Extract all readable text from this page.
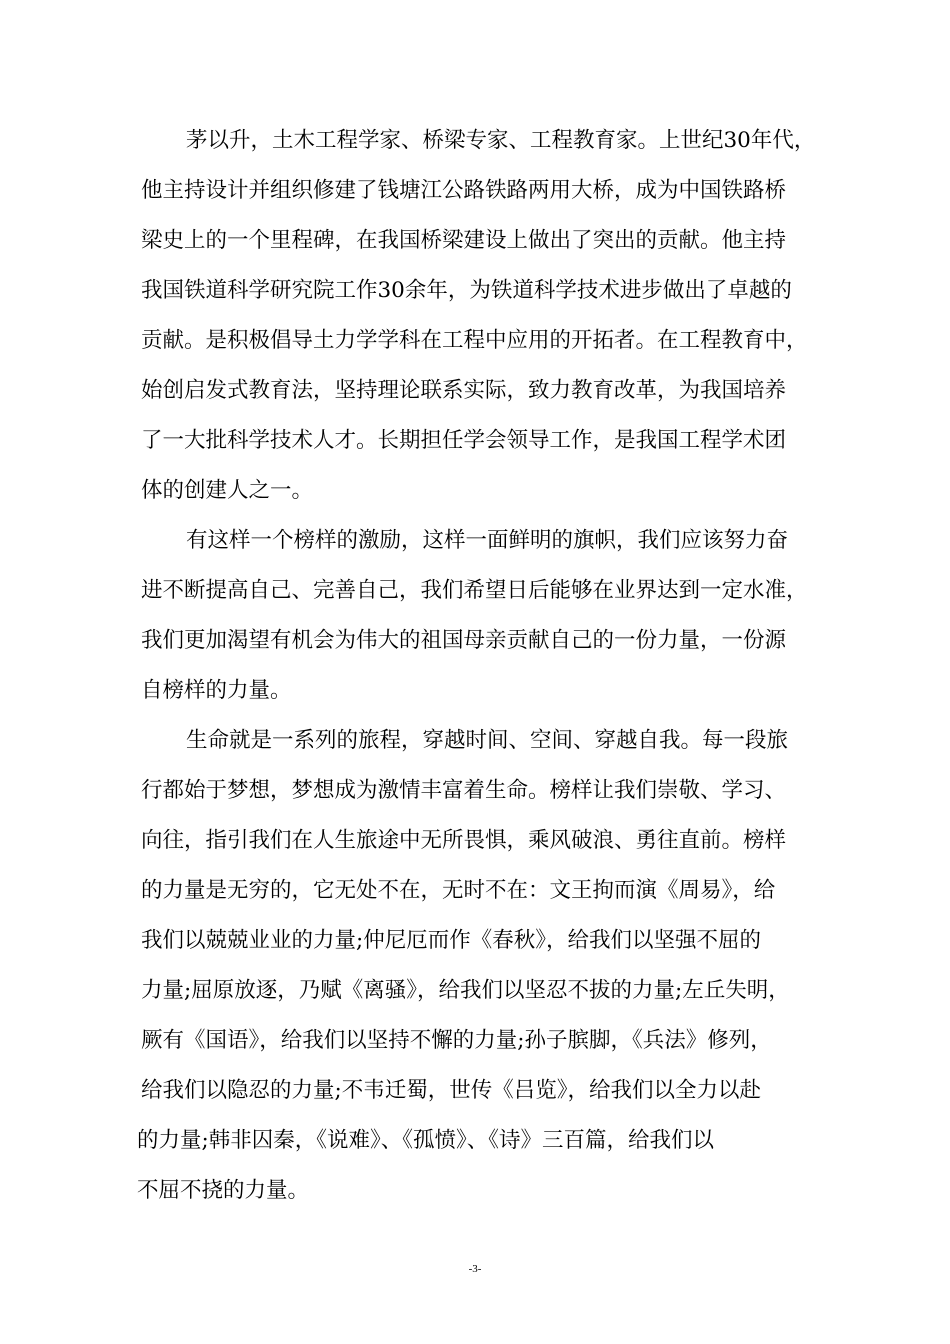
茅以升，土木工程学家、桥梁专家、工程教育家。上世纪30年代，
他主持设计并组织修建了钱塘江公路铁路两用大桥，成为中国铁路桥
梁史上的一个里程碑，在我国桥梁建设上做出了突出的贡献。他主持
我国铁道科学研究院工作30余年，为铁道科学技术进步做出了卓越的
贡献。是积极倡导土力学学科在工程中应用的开拓者。在工程教育中，
始创启发式教育法，坚持理论联系实际，致力教育改革，为我国培养
了一大批科学技术人才。长期担任学会领导工作，是我国工程学术团
体的创建人之一。
有这样一个榜样的激励，这样一面鲜明的旗帜，我们应该努力奋
进不断提高自己、完善自己，我们希望日后能够在业界达到一定水准，
我们更加渴望有机会为伟大的祖国母亲贡献自己的一份力量，一份源
自榜样的力量。
生命就是一系列的旅程，穿越时间、空间、穿越自我。每一段旅
行都始于梦想，梦想成为激情丰富着生命。榜样让我们崇敬、学习、
向往，指引我们在人生旅途中无所畏惧，乘风破浪、勇往直前。榜样
的力量是无穷的，它无处不在，无时不在：文王拘而演《周易》，给
我们以兢兢业业的力量;仲尼厄而作《春秋》，给我们以坚强不屈的
力量;屈原放逐，乃赋《离骚》，给我们以坚忍不拔的力量;左丘失明，
厥有《国语》，给我们以坚持不懈的力量;孙子膑脚，《兵法》修列，
给我们以隐忍的力量;不韦迁蜀，世传《吕览》，给我们以全力以赴
的力量;韩非囚秦，《说难》、《孤愤》、《诗》三百篇，给我们以
不屈不挠的力量。
-3-
